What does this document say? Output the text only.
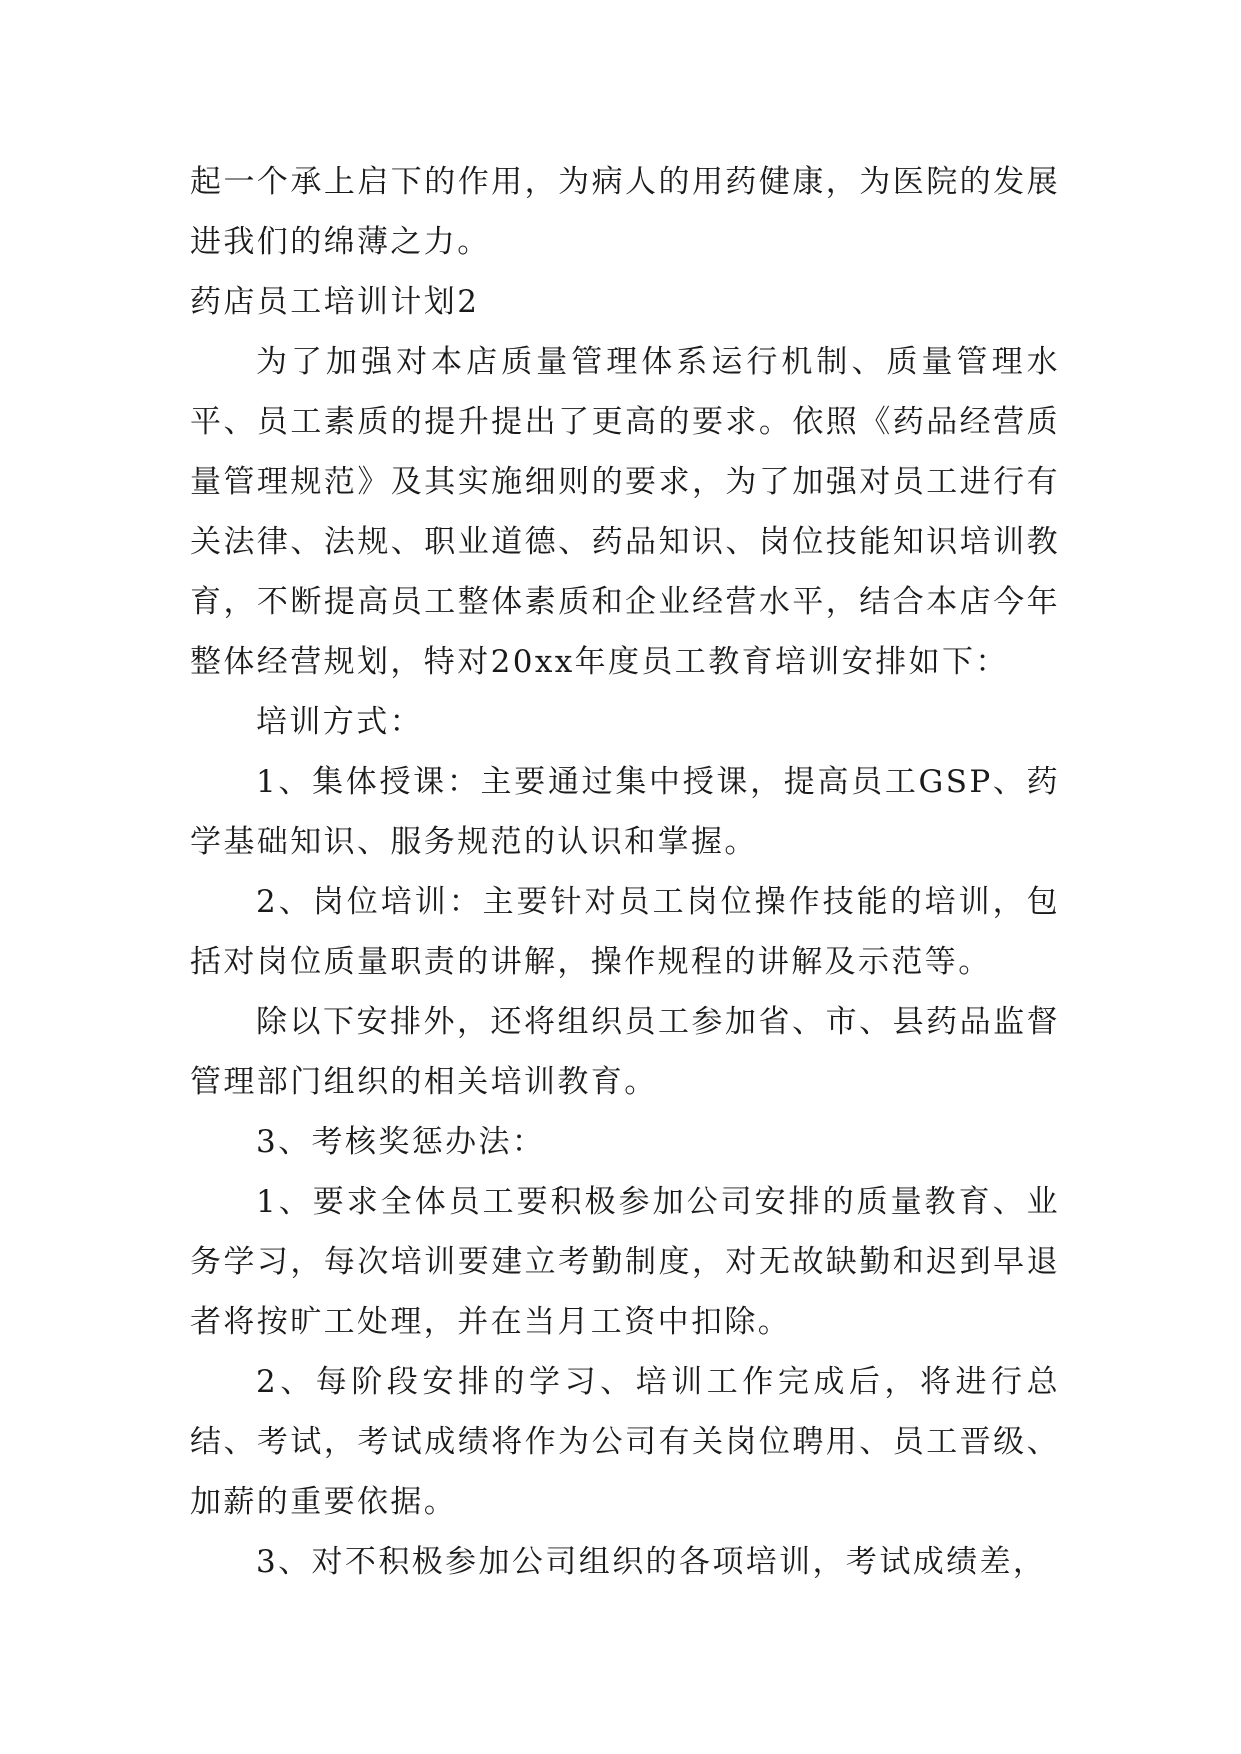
起一个承上启下的作用，为病人的用药健康，为医院的发展进我们的绵薄之力。

药店员工培训计划2

为了加强对本店质量管理体系运行机制、质量管理水平、员工素质的提升提出了更高的要求。依照《药品经营质量管理规范》及其实施细则的要求，为了加强对员工进行有关法律、法规、职业道德、药品知识、岗位技能知识培训教育，不断提高员工整体素质和企业经营水平，结合本店今年整体经营规划，特对20xx年度员工教育培训安排如下：

培训方式：

1、集体授课：主要通过集中授课，提高员工GSP、药学基础知识、服务规范的认识和掌握。

2、岗位培训：主要针对员工岗位操作技能的培训，包括对岗位质量职责的讲解，操作规程的讲解及示范等。

除以下安排外，还将组织员工参加省、市、县药品监督管理部门组织的相关培训教育。

3、考核奖惩办法：

1、要求全体员工要积极参加公司安排的质量教育、业务学习，每次培训要建立考勤制度，对无故缺勤和迟到早退者将按旷工处理，并在当月工资中扣除。

2、每阶段安排的学习、培训工作完成后，将进行总结、考试，考试成绩将作为公司有关岗位聘用、员工晋级、加薪的重要依据。

3、对不积极参加公司组织的各项培训，考试成绩差，
